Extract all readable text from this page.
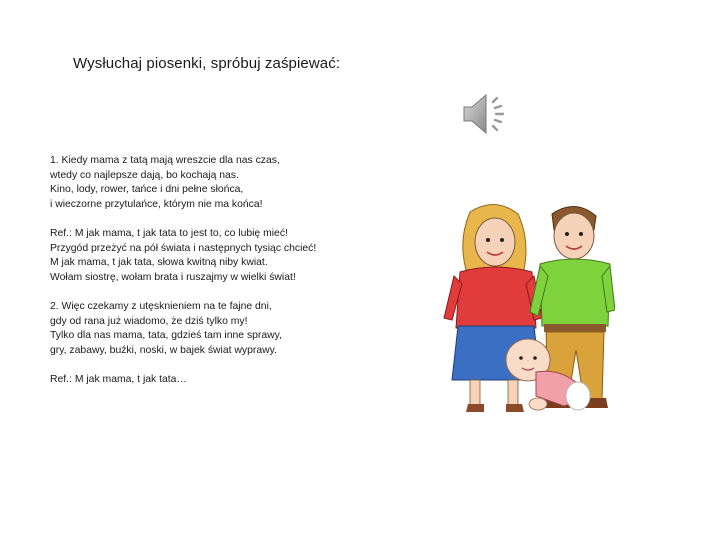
Wysłuchaj piosenki, spróbuj zaśpiewać:
1. Kiedy mama z tatą mają wreszcie dla nas czas,
wtedy co najlepsze dają, bo kochają nas.
Kino, lody, rower, tańce i dni pełne słońca,
i wieczorne przytulańce, którym nie ma końca!
Ref.: M jak mama, t jak tata to jest to, co lubię mieć!
Przygód przeżyć na pół świata i następnych tysiąc chcieć!
M jak mama, t jak tata, słowa kwitną niby kwiat.
Wołam siostrę, wołam brata i ruszajmy w wielki świat!
2. Więc czekamy z utęsknieniem na te fajne dni,
gdy od rana już wiadomo, że dziś tylko my!
Tylko dla nas mama, tata, gdzieś tam inne sprawy,
gry, zabawy, buźki, noski, w bajek świat wyprawy.
Ref.: M jak mama, t jak tata…
